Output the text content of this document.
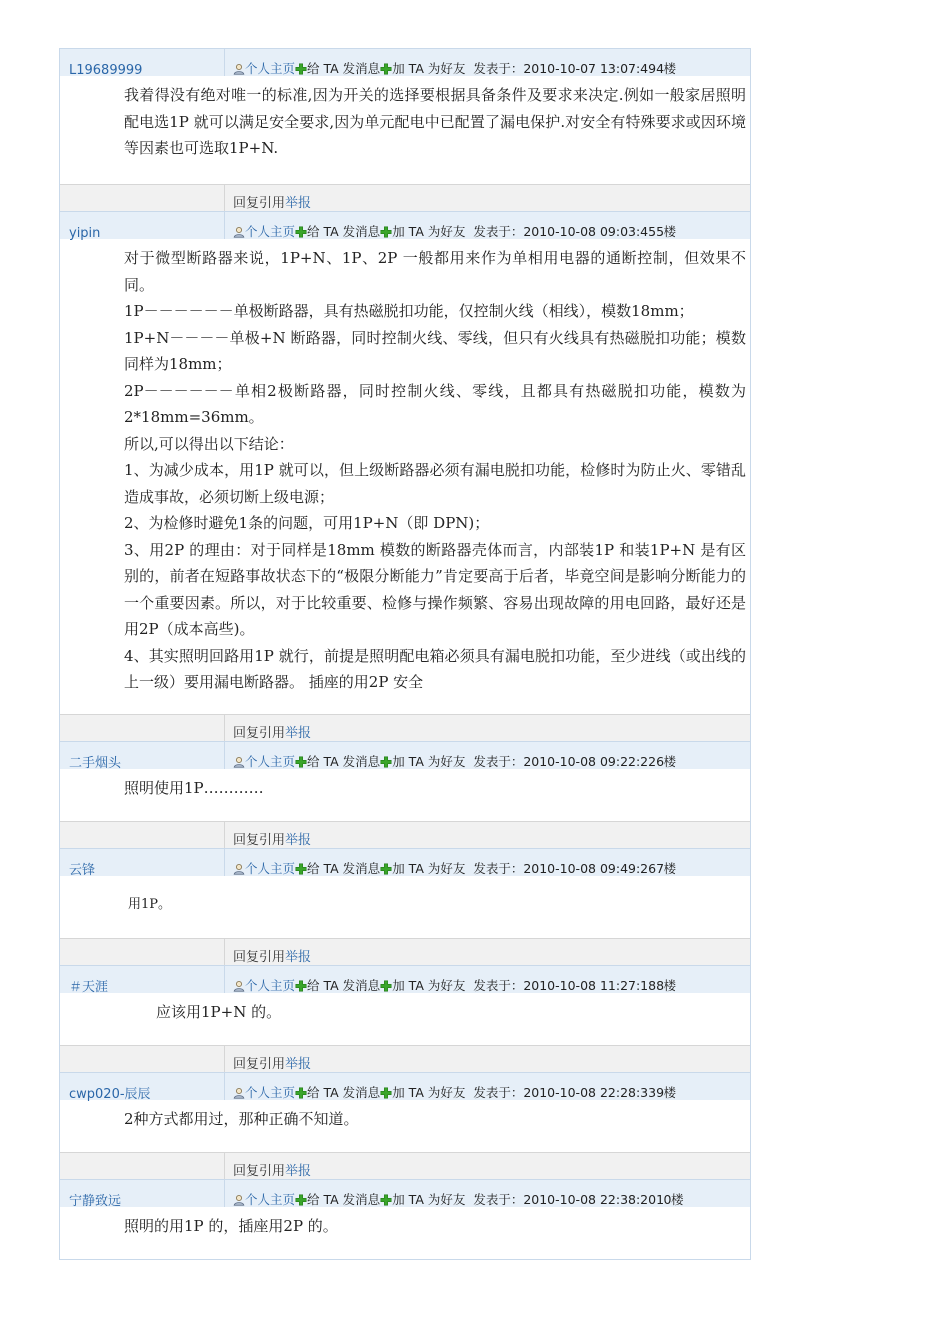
L19689999	个人主页 给 TA 发消息 加 TA 为好友 发表于：2010-10-07 13:07:494楼

我着得没有绝对唯一的标准,因为开关的选择要根据具备条件及要求来决定.例如一般家居照明配电选1P 就可以满足安全要求,因为单元配电中已配置了漏电保护.对安全有特殊要求或因环境等因素也可选取1P+N.

回复 引用 举报
yipin	个人主页 给 TA 发消息 加 TA 为好友 发表于：2010-10-08 09:03:455楼

对于微型断路器来说，1P+N、1P、2P 一般都用来作为单相用电器的通断控制，但效果不同。

1P－－－－－－单极断路器，具有热磁脱扣功能，仅控制火线（相线），模数18mm；

1P+N－－－－单极+N 断路器，同时控制火线、零线，但只有火线具有热磁脱扣功能；模数同样为18mm；

2P－－－－－－单相2极断路器，同时控制火线、零线，且都具有热磁脱扣功能，模数为2*18mm=36mm。

所以,可以得出以下结论：

1、为减少成本，用1P 就可以，但上级断路器必须有漏电脱扣功能，检修时为防止火、零错乱造成事故，必须切断上级电源；

2、为检修时避免1条的问题，可用1P+N（即 DPN)；

3、用2P 的理由：对于同样是18mm 模数的断路器壳体而言，内部装1P 和装1P+N 是有区别的，前者在短路事故状态下的“极限分断能力”肯定要高于后者，毕竟空间是影响分断能力的一个重要因素。所以，对于比较重要、检修与操作频繁、容易出现故障的用电回路，最好还是用2P（成本高些)。

4、其实照明回路用1P 就行，前提是照明配电箱必须具有漏电脱扣功能，至少进线（或出线的上一级）要用漏电断路器。 插座的用2P 安全

回复 引用 举报
二手烟头	个人主页 给 TA 发消息 加 TA 为好友 发表于：2010-10-08 09:22:226楼

照明使用1P…………

回复 引用 举报
云锋	个人主页 给 TA 发消息 加 TA 为好友 发表于：2010-10-08 09:49:267楼

用1P。

回复 引用 举报
＃天涯	个人主页 给 TA 发消息 加 TA 为好友 发表于：2010-10-08 11:27:188楼

应该用1P+N 的。

回复 引用 举报
cwp020-辰辰	个人主页 给 TA 发消息 加 TA 为好友 发表于：2010-10-08 22:28:339楼

2种方式都用过，那种正确不知道。

回复 引用 举报
宁静致远	个人主页 给 TA 发消息 加 TA 为好友 发表于：2010-10-08 22:38:2010楼

照明的用1P 的，插座用2P 的。
